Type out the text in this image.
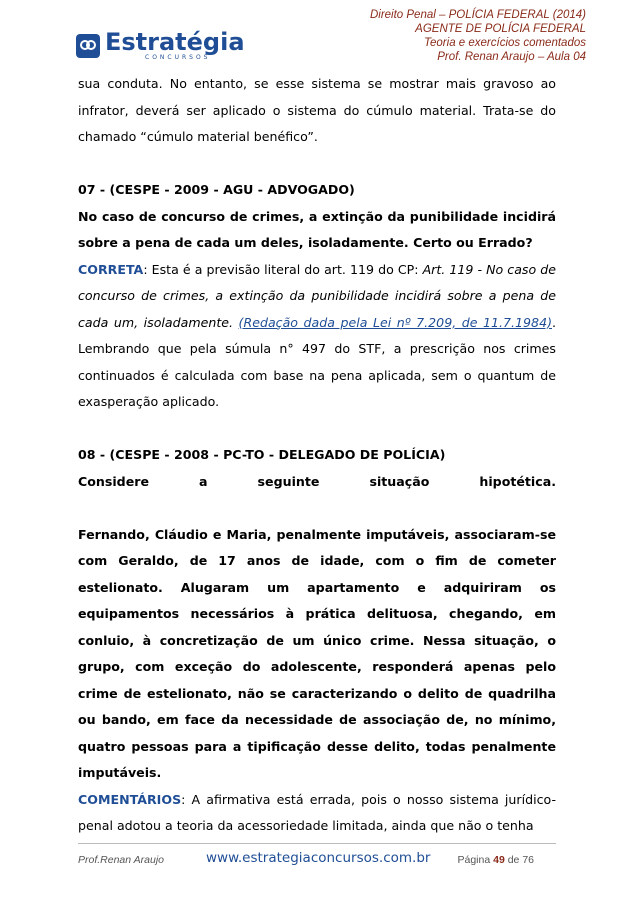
Estratégia
CONCURSOS
Direito Penal – POLÍCIA FEDERAL (2014)
AGENTE DE POLÍCIA FEDERAL
Teoria e exercícios comentados
Prof. Renan Araujo – Aula 04

sua conduta. No entanto, se esse sistema se mostrar mais gravoso ao infrator, deverá ser aplicado o sistema do cúmulo material. Trata-se do chamado “cúmulo material benéfico”.

07 - (CESPE - 2009 - AGU - ADVOGADO)

No caso de concurso de crimes, a extinção da punibilidade incidirá sobre a pena de cada um deles, isoladamente. Certo ou Errado?

CORRETA: Esta é a previsão literal do art. 119 do CP: Art. 119 - No caso de concurso de crimes, a extinção da punibilidade incidirá sobre a pena de cada um, isoladamente. (Redação dada pela Lei nº 7.209, de 11.7.1984). Lembrando que pela súmula n° 497 do STF, a prescrição nos crimes continuados é calculada com base na pena aplicada, sem o quantum de exasperação aplicado.

08 - (CESPE - 2008 - PC-TO - DELEGADO DE POLÍCIA)

Considere a seguinte situação hipotética.

Fernando, Cláudio e Maria, penalmente imputáveis, associaram-se com Geraldo, de 17 anos de idade, com o fim de cometer estelionato. Alugaram um apartamento e adquiriram os equipamentos necessários à prática delituosa, chegando, em conluio, à concretização de um único crime. Nessa situação, o grupo, com exceção do adolescente, responderá apenas pelo crime de estelionato, não se caracterizando o delito de quadrilha ou bando, em face da necessidade de associação de, no mínimo, quatro pessoas para a tipificação desse delito, todas penalmente imputáveis.

COMENTÁRIOS: A afirmativa está errada, pois o nosso sistema jurídico-penal adotou a teoria da acessoriedade limitada, ainda que não o tenha

Prof.Renan Araujo	www.estrategiaconcursos.com.br	Página 49 de 76
